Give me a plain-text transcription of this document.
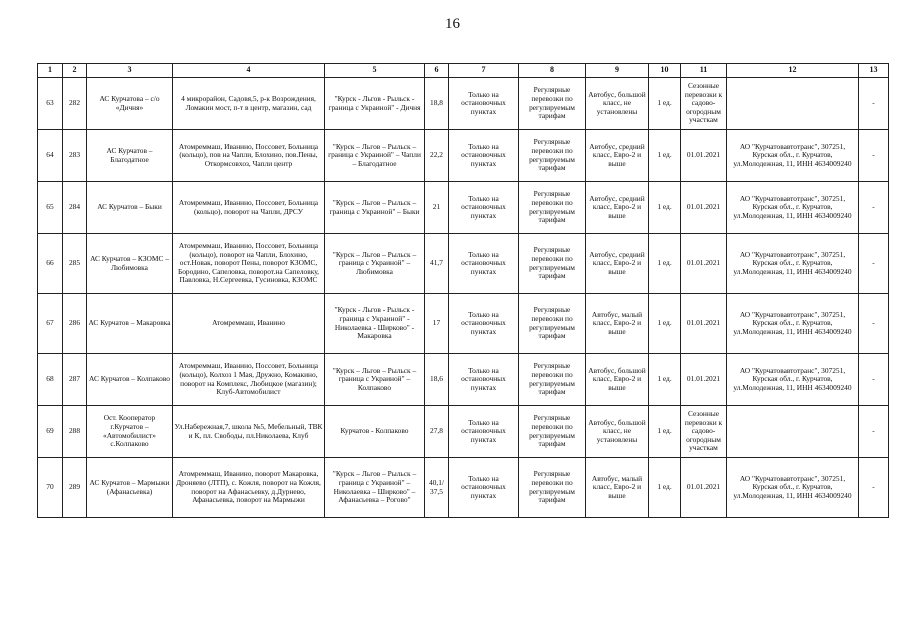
16
1	2	3	4	5	6	7	8	9	10	11	12	13
63	282	АС Курчатова – с/о «Дичня»	4 микрорайон, Садовя,5, р-к Возрождения, Ломакин мост, п-т в центр, магазин, сад	"Курск - Льгов - Рыльск - граница с Украиной" - Дичня	18,8	Только на остановочных пунктах	Регулярные перевозки по регулируемым тарифам	Автобус, большой класс, не установлены	1 ед.	Сезонные перевозки к садово-огородным участкам		-
64	283	АС Курчатов – Благодатное	Атомреммаш, Иванино, Поссовет, Больница (кольцо), пов на Чапли, Блохино, пов.Пены, Откормсовхоз, Чапли центр	"Курск – Льгов – Рыльск – граница с Украиной" – Чапли – Благодатное	22,2	Только на остановочных пунктах	Регулярные перевозки по регулируемым тарифам	Автобус, средний класс, Евро-2 и выше	1 ед.	01.01.2021	АО "Курчатовавтотранс", 307251, Курская обл., г. Курчатов, ул.Молодежная, 11, ИНН 4634009240	-
65	284	АС Курчатов – Быки	Атомреммаш, Иванино, Поссовет, Больница (кольцо), поворот на Чапли, ДРСУ	"Курск – Льгов – Рыльск – граница с Украиной" – Быки	21	Только на остановочных пунктах	Регулярные перевозки по регулируемым тарифам	Автобус, средний класс, Евро-2 и выше	1 ед.	01.01.2021	АО "Курчатовавтотранс", 307251, Курская обл., г. Курчатов, ул.Молодежная, 11, ИНН 4634009240	-
66	285	АС Курчатов – КЗОМС – Любимовка	Атомреммаш, Иванино, Поссовет, Больница (кольцо), поворот на Чапли, Блохино, ост.Новак, поворот Пены, поворот КЗОМС, Бородино, Сапеловка, поворот.на Сапеловку, Павловка, Н.Сергеевка, Гусиновка, КЗОМС	"Курск – Льгов – Рыльск – граница с Украиной" – Любимовка	41,7	Только на остановочных пунктах	Регулярные перевозки по регулируемым тарифам	Автобус, средний класс, Евро-2 и выше	1 ед.	01.01.2021	АО "Курчатовавтотранс", 307251, Курская обл., г. Курчатов, ул.Молодежная, 11, ИНН 4634009240	-
67	286	АС Курчатов – Макаровка	Атомреммаш, Иванино	"Курск - Льгов - Рыльск - граница с Украиной" - Николаевка - Ширково" - Макаровка	17	Только на остановочных пунктах	Регулярные перевозки по регулируемым тарифам	Автобус, малый класс, Евро-2 и выше	1 ед.	01.01.2021	АО "Курчатовавтотранс", 307251, Курская обл., г. Курчатов, ул.Молодежная, 11, ИНН 4634009240	-
68	287	АС Курчатов – Колпаково	Атомреммаш, Иванино, Поссовет, Больница (кольцо), Колхоз 1 Мая, Дружно, Комакино, поворот на Комплекс, Любицкое (магазин); Клуб-Автомобилист	"Курск – Льгов – Рыльск – граница с Украиной" – Колпаково	18,6	Только на остановочных пунктах	Регулярные перевозки по регулируемым тарифам	Автобус, большой класс, Евро-2 и выше	1 ед.	01.01.2021	АО "Курчатовавтотранс", 307251, Курская обл., г. Курчатов, ул.Молодежная, 11, ИНН 4634009240	-
69	288	Ост. Кооператор г.Курчатов – «Автомобилист» с.Колпаково	Ул.Набережная,7, школа №5, Мебельный, ТВК и К, пл. Свободы, пл.Николаева, Клуб	Курчатов - Колпаково	27,8	Только на остановочных пунктах	Регулярные перевозки по регулируемым тарифам	Автобус, большой класс, не установлены	1 ед.	Сезонные перевозки к садово-огородным участкам		-
70	289	АС Курчатов – Мармыжи (Афанасьевка)	Атомреммаш, Иванино, поворот Макаровка, Дроняево (ЛТП), с. Кожля, поворот на Кожля, поворот на Афанасьевку, д.Дурнево, Афанасьевка, поворот на Мармыжи	"Курск – Льгов – Рыльск – граница с Украиной" – Николаевка – Ширково" – Афанасьевка – Рогово"	40,1/ 37,5	Только на остановочных пунктах	Регулярные перевозки по регулируемым тарифам	Автобус, малый класс, Евро-2 и выше	1 ед.	01.01.2021	АО "Курчатовавтотранс", 307251, Курская обл., г. Курчатов, ул.Молодежная, 11, ИНН 4634009240	-
